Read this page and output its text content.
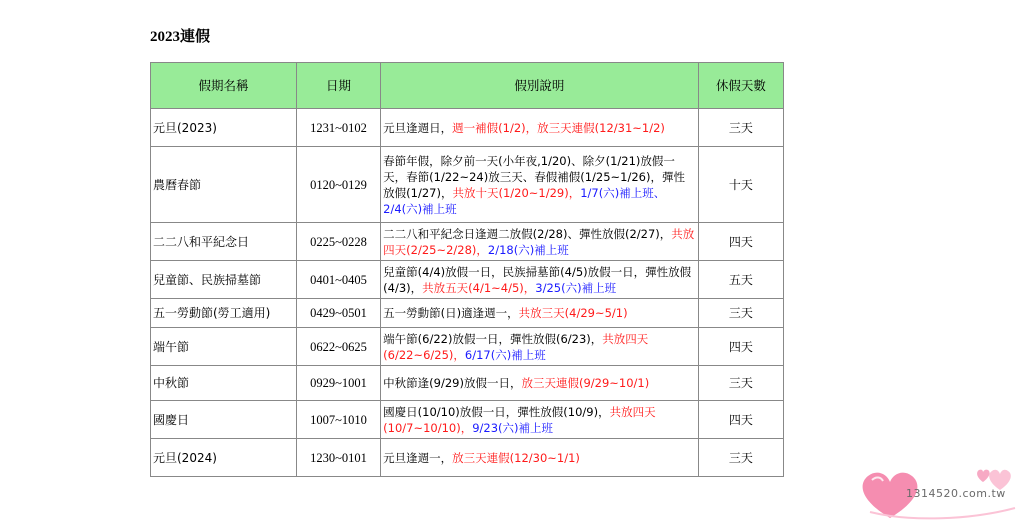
2023連假
假期名稱	日期	假別說明	休假天數
元旦(2023)	1231~0102	元旦逢週日，週一補假(1/2)，放三天連假(12/31~1/2)	三天
農曆春節	0120~0129	春節年假，除夕前一天(小年夜,1/20)、除夕(1/21)放假一天，春節(1/22~24)放三天、春假補假(1/25~1/26)，彈性放假(1/27)，共放十天(1/20~1/29)，1/7(六)補上班、2/4(六)補上班	十天
二二八和平紀念日	0225~0228	二二八和平紀念日逢週二放假(2/28)、彈性放假(2/27)，共放四天(2/25~2/28)，2/18(六)補上班	四天
兒童節、民族掃墓節	0401~0405	兒童節(4/4)放假一日，民族掃墓節(4/5)放假一日，彈性放假(4/3)，共放五天(4/1~4/5)，3/25(六)補上班	五天
五一勞動節(勞工適用)	0429~0501	五一勞動節(日)適逢週一，共放三天(4/29~5/1)	三天
端午節	0622~0625	端午節(6/22)放假一日，彈性放假(6/23)，共放四天(6/22~6/25)，6/17(六)補上班	四天
中秋節	0929~1001	中秋節逢(9/29)放假一日，放三天連假(9/29~10/1)	三天
國慶日	1007~1010	國慶日(10/10)放假一日，彈性放假(10/9)，共放四天(10/7~10/10)，9/23(六)補上班	四天
元旦(2024)	1230~0101	元旦逢週一，放三天連假(12/30~1/1)	三天
1314520.com.tw
